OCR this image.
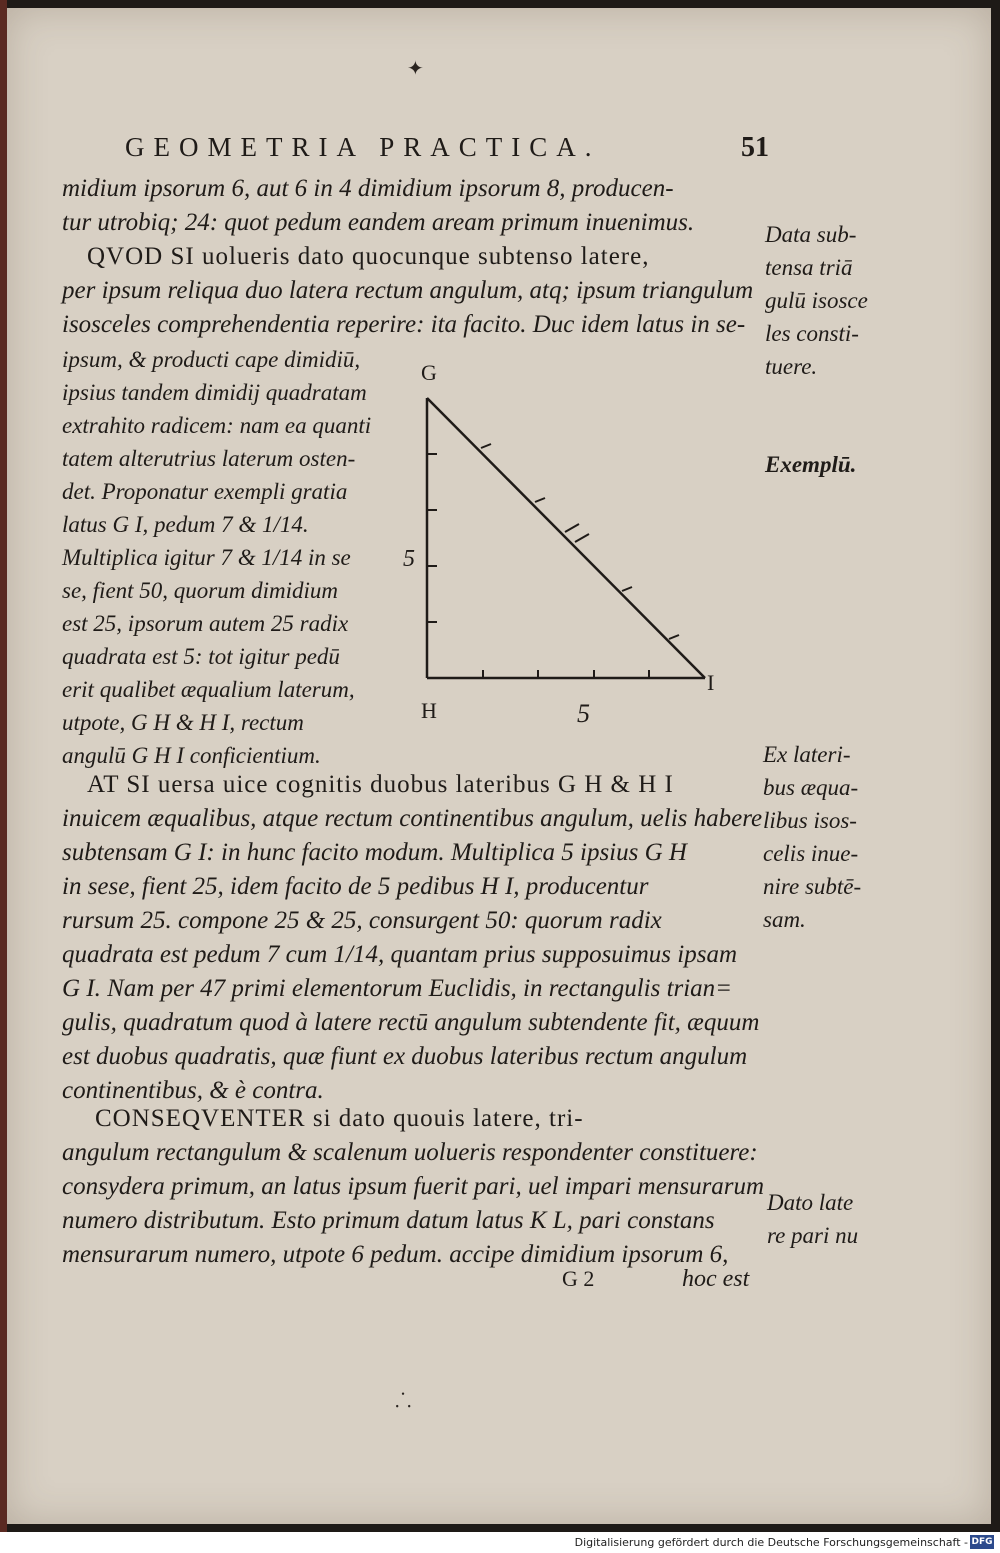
✦
GEOMETRIA PRACTICA.	51
midium ipsorum 6, aut 6 in 4 dimidium ipsorum 8, producen-
tur utrobiq; 24: quot pedum eandem aream primum inuenimus.
QVOD SI uolueris dato quocunque subtenso latere,
per ipsum reliqua duo latera rectum angulum, atq; ipsum triangulum
isosceles comprehendentia reperire: ita facito. Duc idem latus in se-
ipsum, & producti cape dimidiū,
ipsius tandem dimidij quadratam
extrahito radicem: nam ea quanti
tatem alterutrius laterum osten-
det. Proponatur exempli gratia
latus G I, pedum 7 & 1/14.
Multiplica igitur 7 & 1/14 in se
se, fient 50, quorum dimidium
est 25, ipsorum autem 25 radix
quadrata est 5: tot igitur pedū
erit qualibet æqualium laterum,
utpote, G H & H I, rectum
angulū G H I conficientium.
G
H
I
5
5
AT SI uersa uice cognitis duobus lateribus G H & H I
inuicem æqualibus, atque rectum continentibus angulum, uelis habere
subtensam G I: in hunc facito modum. Multiplica 5 ipsius G H
in sese, fient 25, idem facito de 5 pedibus H I, producentur
rursum 25. compone 25 & 25, consurgent 50: quorum radix
quadrata est pedum 7 cum 1/14, quantam prius supposuimus ipsam
G I. Nam per 47 primi elementorum Euclidis, in rectangulis trian=
gulis, quadratum quod à latere rectū angulum subtendente fit, æquum
est duobus quadratis, quæ fiunt ex duobus lateribus rectum angulum
continentibus, & è contra.
CONSEQVENTER si dato quouis latere, tri-
angulum rectangulum & scalenum uolueris respondenter constituere:
consydera primum, an latus ipsum fuerit pari, uel impari mensurarum
numero distributum. Esto primum datum latus K L, pari constans
mensurarum numero, utpote 6 pedum. accipe dimidium ipsorum 6,
G 2	hoc est
⸫
Data sub-
tensa triā
gulū isosce
les consti-
tuere.
Exemplū.
Ex lateri-
bus æqua-
libus isos-
celis inue-
nire subtē-
sam.
Dato late
re pari nu
Digitalisierung gefördert durch die Deutsche Forschungsgemeinschaft - DFG
